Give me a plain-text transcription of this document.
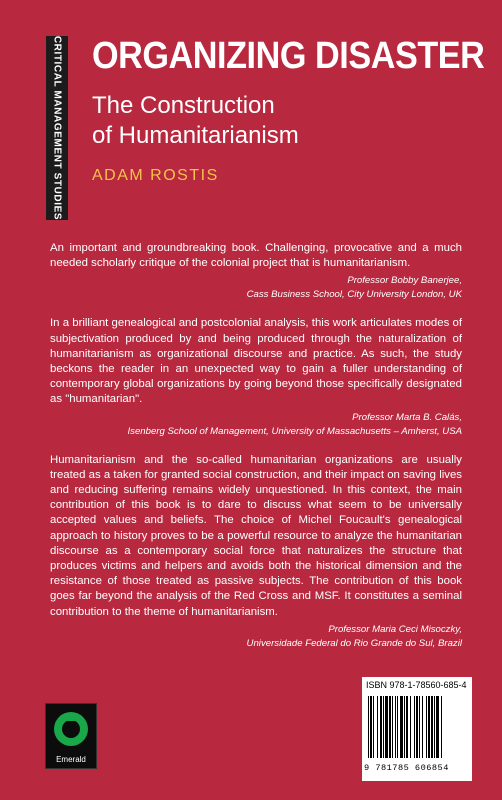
CRITICAL MANAGEMENT STUDIES ORGANIZING DISASTER
The Construction
of Humanitarianism
ADAM ROSTIS

An important and groundbreaking book. Challenging, provocative and a much needed scholarly critique of the colonial project that is humanitarianism.

Professor Bobby Banerjee,
Cass Business School, City University London, UK

In a brilliant genealogical and postcolonial analysis, this work articulates modes of subjectivation produced by and being produced through the naturalization of humanitarianism as organizational discourse and practice. As such, the study beckons the reader in an unexpected way to gain a fuller understanding of contemporary global organizations by going beyond those specifically designated as "humanitarian".

Professor Marta B. Calás,
Isenberg School of Management, University of Massachusetts – Amherst, USA

Humanitarianism and the so-called humanitarian organizations are usually treated as a taken for granted social construction, and their impact on saving lives and reducing suffering remains widely unquestioned. In this context, the main contribution of this book is to dare to discuss what seem to be universally accepted values and beliefs. The choice of Michel Foucault's genealogical approach to history proves to be a powerful resource to analyze the humanitarian discourse as a contemporary social force that naturalizes the structure that produces victims and helpers and avoids both the historical dimension and the resistance of those treated as passive subjects. The contribution of this book goes far beyond the analysis of the Red Cross and MSF. It constitutes a seminal contribution to the theme of humanitarianism.

Professor Maria Ceci Misoczky,
Universidade Federal do Rio Grande do Sul, Brazil
Emerald
ISBN 978-1-78560-685-4
9 781785 606854
